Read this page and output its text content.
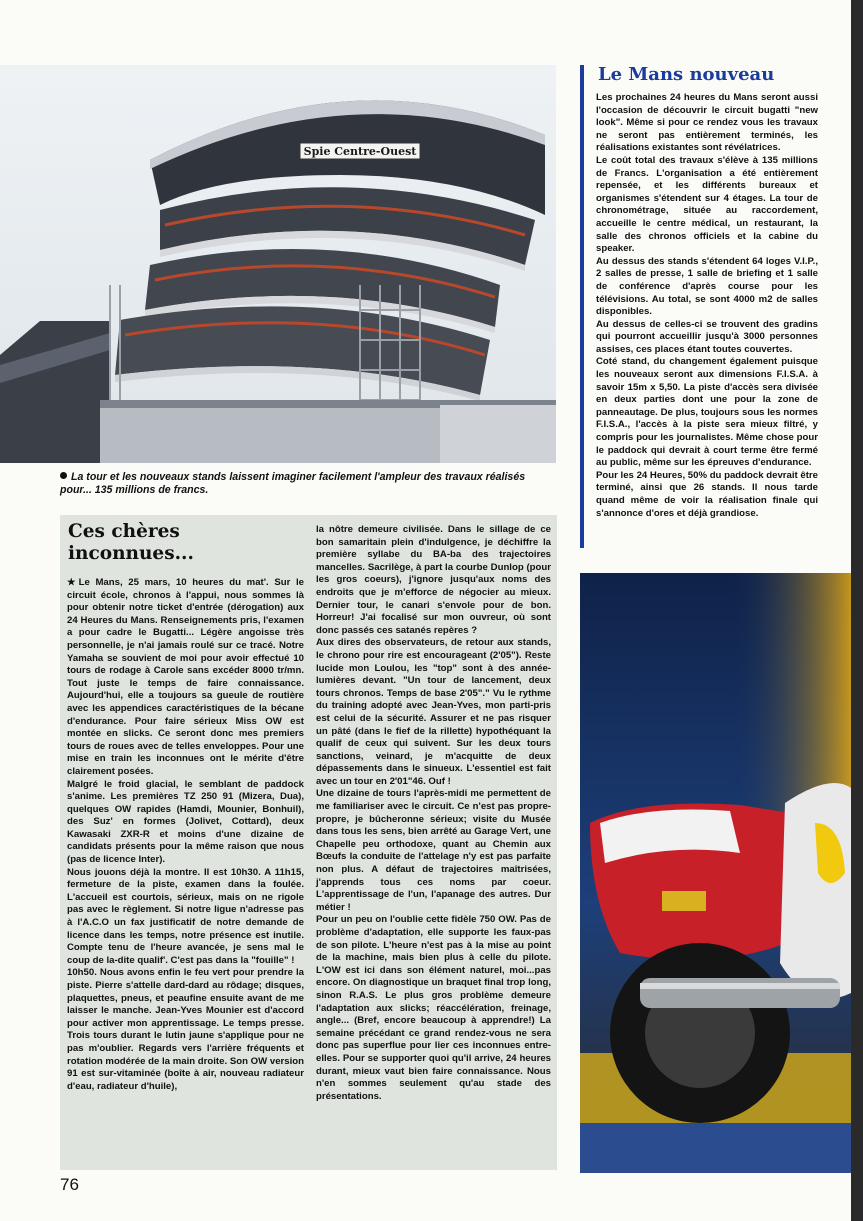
Spie Centre-Ouest
La tour et les nouveaux stands laissent imaginer facilement l'ampleur des travaux réalisés pour... 135 millions de francs.
Le Mans nouveau

Les prochaines 24 heures du Mans seront aussi l'occasion de découvrir le circuit bugatti "new look". Même si pour ce rendez vous les travaux ne seront pas entièrement terminés, les réalisations existantes sont révélatrices.

Le coût total des travaux s'élève à 135 millions de Francs. L'organisation a été entièrement repensée, et les différents bureaux et organismes s'étendent sur 4 étages. La tour de chronométrage, située au raccordement, accueille le centre médical, un restaurant, la salle des chronos officiels et la cabine du speaker.

Au dessus des stands s'étendent 64 loges V.I.P., 2 salles de presse, 1 salle de briefing et 1 salle de conférence d'après course pour les télévisions. Au total, se sont 4000 m2 de salles disponibles.

Au dessus de celles-ci se trouvent des gradins qui pourront accueillir jusqu'à 3000 personnes assises, ces places étant toutes couvertes.

Coté stand, du changement également puisque les nouveaux seront aux dimensions F.I.S.A. à savoir 15m x 5,50. La piste d'accès sera divisée en deux parties dont une pour la zone de panneautage. De plus, toujours sous les normes F.I.S.A., l'accès à la piste sera mieux filtré, y compris pour les journalistes. Même chose pour le paddock qui devrait à court terme être fermé au public, même sur les épreuves d'endurance.

Pour les 24 Heures, 50% du paddock devrait être terminé, ainsi que 26 stands. Il nous tarde quand même de voir la réalisation finale qui s'annonce d'ores et déjà grandiose.

Ces chères inconnues...

★Le Mans, 25 mars, 10 heures du mat'. Sur le circuit école, chronos à l'appui, nous sommes là pour obtenir notre ticket d'entrée (dérogation) aux 24 Heures du Mans. Renseignements pris, l'examen a pour cadre le Bugatti... Légère angoisse très personnelle, je n'ai jamais roulé sur ce tracé. Notre Yamaha se souvient de moi pour avoir effectué 10 tours de rodage à Carole sans excéder 8000 tr/mn. Tout juste le temps de faire connaissance. Aujourd'hui, elle a toujours sa gueule de routière avec les appendices caractéristiques de la bécane d'endurance. Pour faire sérieux Miss OW est montée en slicks. Ce seront donc mes premiers tours de roues avec de telles enveloppes. Pour une mise en train les inconnues ont le mérite d'être clairement posées.

Malgré le froid glacial, le semblant de paddock s'anime. Les premières TZ 250 91 (Mizera, Dua), quelques OW rapides (Hamdi, Mounier, Bonhuil), des Suz' en formes (Jolivet, Cottard), deux Kawasaki ZXR-R et moins d'une dizaine de candidats présents pour la même raison que nous (pas de licence Inter).

Nous jouons déjà la montre. Il est 10h30. A 11h15, fermeture de la piste, examen dans la foulée. L'accueil est courtois, sérieux, mais on ne rigole pas avec le règlement. Si notre ligue n'adresse pas à l'A.C.O un fax justificatif de notre demande de licence dans les temps, notre présence est inutile. Compte tenu de l'heure avancée, je sens mal le coup de la-dite qualif'. C'est pas dans la "fouille" !

10h50. Nous avons enfin le feu vert pour prendre la piste. Pierre s'attelle dard-dard au rôdage; disques, plaquettes, pneus, et peaufine ensuite avant de me laisser le manche. Jean-Yves Mounier est d'accord pour activer mon apprentissage. Le temps presse. Trois tours durant le lutin jaune s'applique pour ne pas m'oublier. Regards vers l'arrière fréquents et rotation modérée de la main droite. Son OW version 91 est sur-vitaminée (boîte à air, nouveau radiateur d'eau, radiateur d'huile),

la nôtre demeure civilisée. Dans le sillage de ce bon samaritain plein d'indulgence, je déchiffre la première syllabe du BA-ba des trajectoires mancelles. Sacrilège, à part la courbe Dunlop (pour les gros coeurs), j'ignore jusqu'aux noms des endroits que je m'efforce de négocier au mieux. Dernier tour, le canari s'envole pour de bon. Horreur! J'ai focalisé sur mon ouvreur, où sont donc passés ces satanés repères ?

Aux dires des observateurs, de retour aux stands, le chrono pour rire est encourageant (2'05"). Reste lucide mon Loulou, les "top" sont à des année-lumières devant. "Un tour de lancement, deux tours chronos. Temps de base 2'05"." Vu le rythme du training adopté avec Jean-Yves, mon parti-pris est celui de la sécurité. Assurer et ne pas risquer un pâté (dans le fief de la rillette) hypothéquant la qualif de ceux qui suivent. Sur les deux tours sanctions, veinard, je m'acquitte de deux dépassements dans le sinueux. L'essentiel est fait avec un tour en 2'01"46. Ouf !

Une dizaine de tours l'après-midi me permettent de me familiariser avec le circuit. Ce n'est pas propre-propre, je bûcheronne sérieux; visite du Musée dans tous les sens, bien arrêté au Garage Vert, une Chapelle peu orthodoxe, quant au Chemin aux Bœufs la conduite de l'attelage n'y est pas parfaite non plus. A défaut de trajectoires maîtrisées, j'apprends tous ces noms par coeur. L'apprentissage de l'un, l'apanage des autres. Dur métier !

Pour un peu on l'oublie cette fidèle 750 OW. Pas de problème d'adaptation, elle supporte les faux-pas de son pilote. L'heure n'est pas à la mise au point de la machine, mais bien plus à celle du pilote. L'OW est ici dans son élément naturel, moi...pas encore. On diagnostique un braquet final trop long, sinon R.A.S. Le plus gros problème demeure l'adaptation aux slicks; réaccélération, freinage, angle... (Bref, encore beaucoup à apprendre!) La semaine précédant ce grand rendez-vous ne sera donc pas superflue pour lier ces inconnues entre-elles. Pour se supporter quoi qu'il arrive, 24 heures durant, mieux vaut bien faire connaissance. Nous n'en sommes seulement qu'au stade des présentations.

76
